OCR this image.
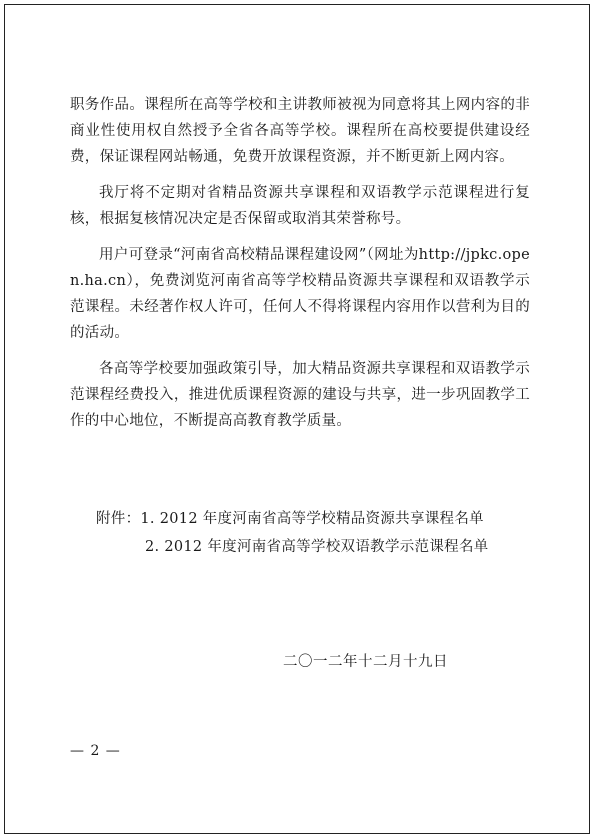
职务作品。课程所在高等学校和主讲教师被视为同意将其上网内容的非商业性使用权自然授予全省各高等学校。课程所在高校要提供建设经费，保证课程网站畅通，免费开放课程资源，并不断更新上网内容。

我厅将不定期对省精品资源共享课程和双语教学示范课程进行复核，根据复核情况决定是否保留或取消其荣誉称号。

用户可登录“河南省高校精品课程建设网”（网址为http://jpkc.open.ha.cn），免费浏览河南省高等学校精品资源共享课程和双语教学示范课程。未经著作权人许可，任何人不得将课程内容用作以营利为目的的活动。

各高等学校要加强政策引导，加大精品资源共享课程和双语教学示范课程经费投入，推进优质课程资源的建设与共享，进一步巩固教学工作的中心地位，不断提高高教育教学质量。

附件：1. 2012 年度河南省高等学校精品资源共享课程名单
2. 2012 年度河南省高等学校双语教学示范课程名单
二〇一二年十二月十九日
— 2 —
